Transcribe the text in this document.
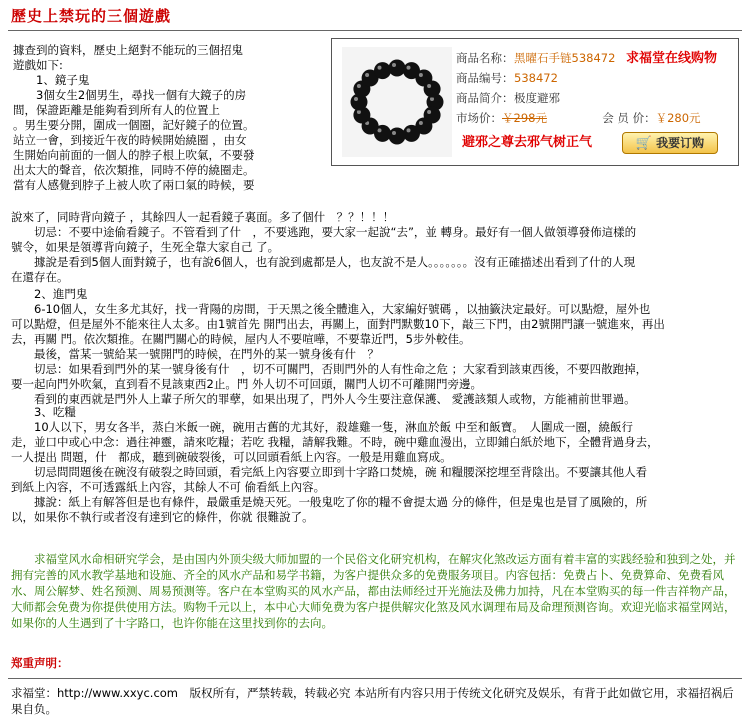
歷史上禁玩的三個遊戲

據查到的資料，歷史上絕對不能玩的三個招鬼

遊戲如下:

　　1、鏡子鬼

　　3個女生2個男生，尋找一個有大鏡子的房

間，保證距離是能夠看到所有人的位置上

。男生要分開，圍成一個圈，記好鏡子的位置。

站立一會，到接近午夜的時候開始繞圈 ，由女

生開始向前面的一個人的脖子根上吹氣，不要發

出太大的聲音，依次類推，同時不停的繞圈走。

當有人感覺到脖子上被人吹了兩口氣的時候，要

求福堂在线购物
商品名称：黑曜石手链538472
商品编号：538472
商品简介：极度避邪
市场价：￥298元	会 员 价：￥280元
避邪之尊去邪气树正气	🛒 我要订购

說來了，同時背向鏡子 ，其餘四人一起看鏡子裏面。多了個什　？？！！！

　　切忌：不要中途偷看鏡子。不管看到了什　，不要逃跑，要大家一起說“去”，並 轉身。最好有一個人做領導發佈這樣的

號令，如果是領導背向鏡子，生死全靠大家自己 了。

　　據說是看到5個人面對鏡子，也有說6個人，也有說到處都是人，也友說不是人。。。。。。。沒有正確描述出看到了什的人現

在還存在。

　　2、進門鬼

　　6-10個人，女生多尤其好，找一背陽的房間，于天黑之後全體進入，大家編好號碼 ，以抽籤決定最好。可以點燈，屋外也

可以點燈，但是屋外不能來往人太多。由1號首先 開門出去，再關上，面對門默數10下，敲三下門，由2號開門讓一號進來，再出

去，再關 門。依次類推。在關門關心的時候，屋内人不要喧嘩，不要靠近門，5步外較佳。

　　最後，當某一號給某一號開門的時候，在門外的某一號身後有什　？

　　切忌：如果看到門外的某一號身後有什　，切不可關門，否則門外的人有性命之危 ；大家看到該東西後，不要四散跑掉，

要一起向門外吹氣，直到看不見該東西2止。門 外人切不可回頭，關門人切不可離開門旁邊。

　　看到的東西就是門外人上輩子所欠的罪孽，如果出現了，門外人今生要注意保護、 愛護該類人或物，方能補前世罪過。

　　3、吃糧

　　10人以下，男女各半，蒸白米飯一碗，碗用古舊的尤其好，殺雄雞一隻，淋血於飯 中至和飯寶。　人圍成一圈，繞飯行

走，並口中或心中念：過往神靈，請來吃糧；若吃 我糧，請解我難。不時，碗中雞血漫出，立即鋪白紙於地下，全體背過身去，

一人提出 問題，什　都成，聽到碗破裂後，可以回頭看紙上內容。一般是用雞血寫成。

　　切忌問問題後在碗沒有破裂之時回頭，看完紙上內容要立即到十字路口焚燒，碗 和糧腰深挖埋至背陰出。不要讓其他人看

到紙上內容，不可透露紙上內容，其餘人不可 偷看紙上內容。

　　據說：紙上有解答但是也有條件，最嚴重是燒天死。一般鬼吃了你的糧不會提太過 分的條件，但是鬼也是冒了風險的，所

以，如果你不執行或者沒有達到它的條件，你就 很難說了。

　　求福堂风水命相研究学会，是由国内外顶尖级大师加盟的一个民俗文化研究机构，在解灾化煞改运方面有着丰富的实践经验和独到之处，并拥有完善的风水教学基地和设施、齐全的风水产品和易学书籍，为客户提供众多的免费服务项目。内容包括：免费占卜、免费算命、免费看风水、周公解梦、姓名预测、周易预测等。客户在本堂购买的风水产品，都由法师经过开光施法及佛力加持，凡在本堂购买的每一件吉祥物产品，大师都会免费为你提供使用方法。购物千元以上，本中心大师免费为客户提供解灾化煞及风水调理布局及命理预测咨询。欢迎光临求福堂网站，如果你的人生遇到了十字路口，也许你能在这里找到你的去向。

郑重声明：

求福堂：http://www.xxyc.com　版权所有，严禁转载，转载必究 本站所有内容只用于传统文化研究及娱乐，有背于此如做它用，求福招祸后果自负。
